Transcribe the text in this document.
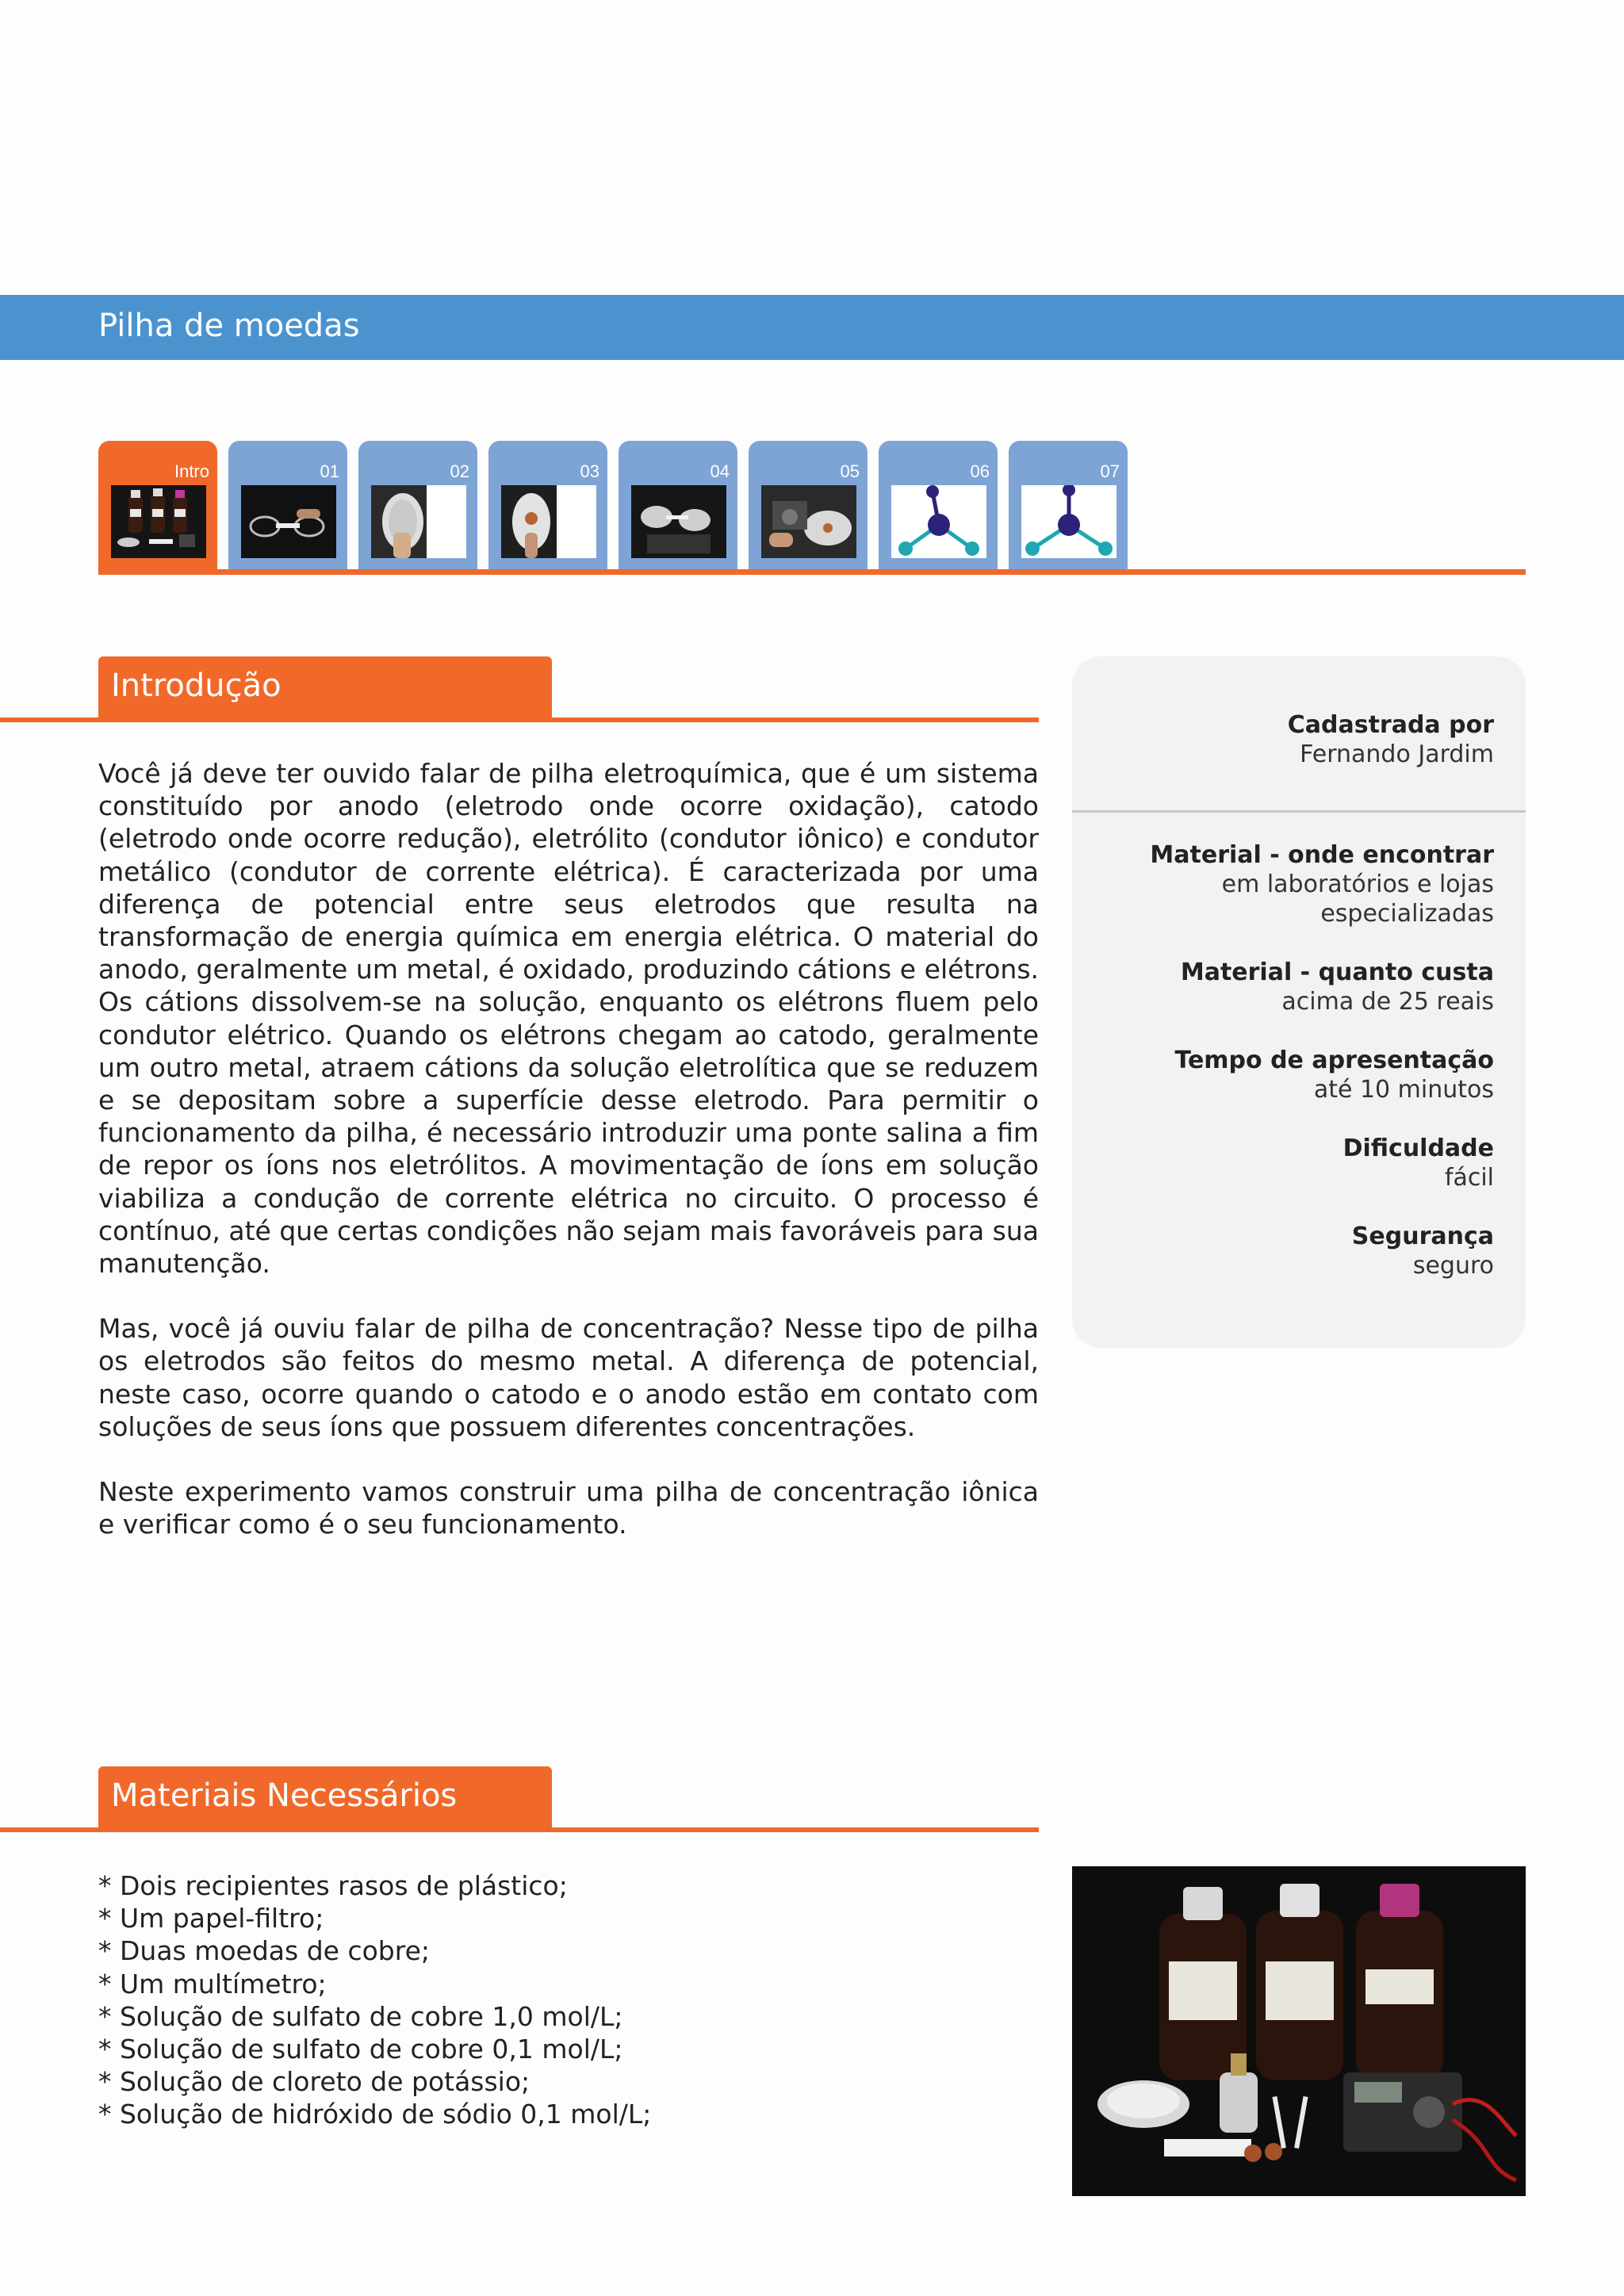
Pilha de moedas
Intro	01	02	03	04	05	06	07
Introdução

Você já deve ter ouvido falar de pilha eletroquímica, que é um sistema constituído por anodo (eletrodo onde ocorre oxidação), catodo (eletrodo onde ocorre redução), eletrólito (condutor iônico) e condutor metálico (condutor de corrente elétrica). É caracterizada por uma diferença de potencial entre seus eletrodos que resulta na transformação de energia química em energia elétrica. O material do anodo, geralmente um metal, é oxidado, produzindo cátions e elétrons. Os cátions dissolvem-se na solução, enquanto os elétrons fluem pelo condutor elétrico. Quando os elétrons chegam ao catodo, geralmente um outro metal, atraem cátions da solução eletrolítica que se reduzem e se depositam sobre a superfície desse eletrodo. Para permitir o funcionamento da pilha, é necessário introduzir uma ponte salina a fim de repor os íons nos eletrólitos. A movimentação de íons em solução viabiliza a condução de corrente elétrica no circuito. O processo é contínuo, até que certas condições não sejam mais favoráveis para sua manutenção.

Mas, você já ouviu falar de pilha de concentração? Nesse tipo de pilha os eletrodos são feitos do mesmo metal. A diferença de potencial, neste caso, ocorre quando o catodo e o anodo estão em contato com soluções de seus íons que possuem diferentes concentrações.

Neste experimento vamos construir uma pilha de concentração iônica e verificar como é o seu funcionamento.

Cadastrada por
Fernando Jardim
Material - onde encontrar
em laboratórios e lojas
especializadas
Material - quanto custa
acima de 25 reais
Tempo de apresentação
até 10 minutos
Dificuldade
fácil
Segurança
seguro
Materiais Necessários
* Dois recipientes rasos de plástico;
* Um papel-filtro;
* Duas moedas de cobre;
* Um multímetro;
* Solução de sulfato de cobre 1,0 mol/L;
* Solução de sulfato de cobre 0,1 mol/L;
* Solução de cloreto de potássio;
* Solução de hidróxido de sódio 0,1 mol/L;
